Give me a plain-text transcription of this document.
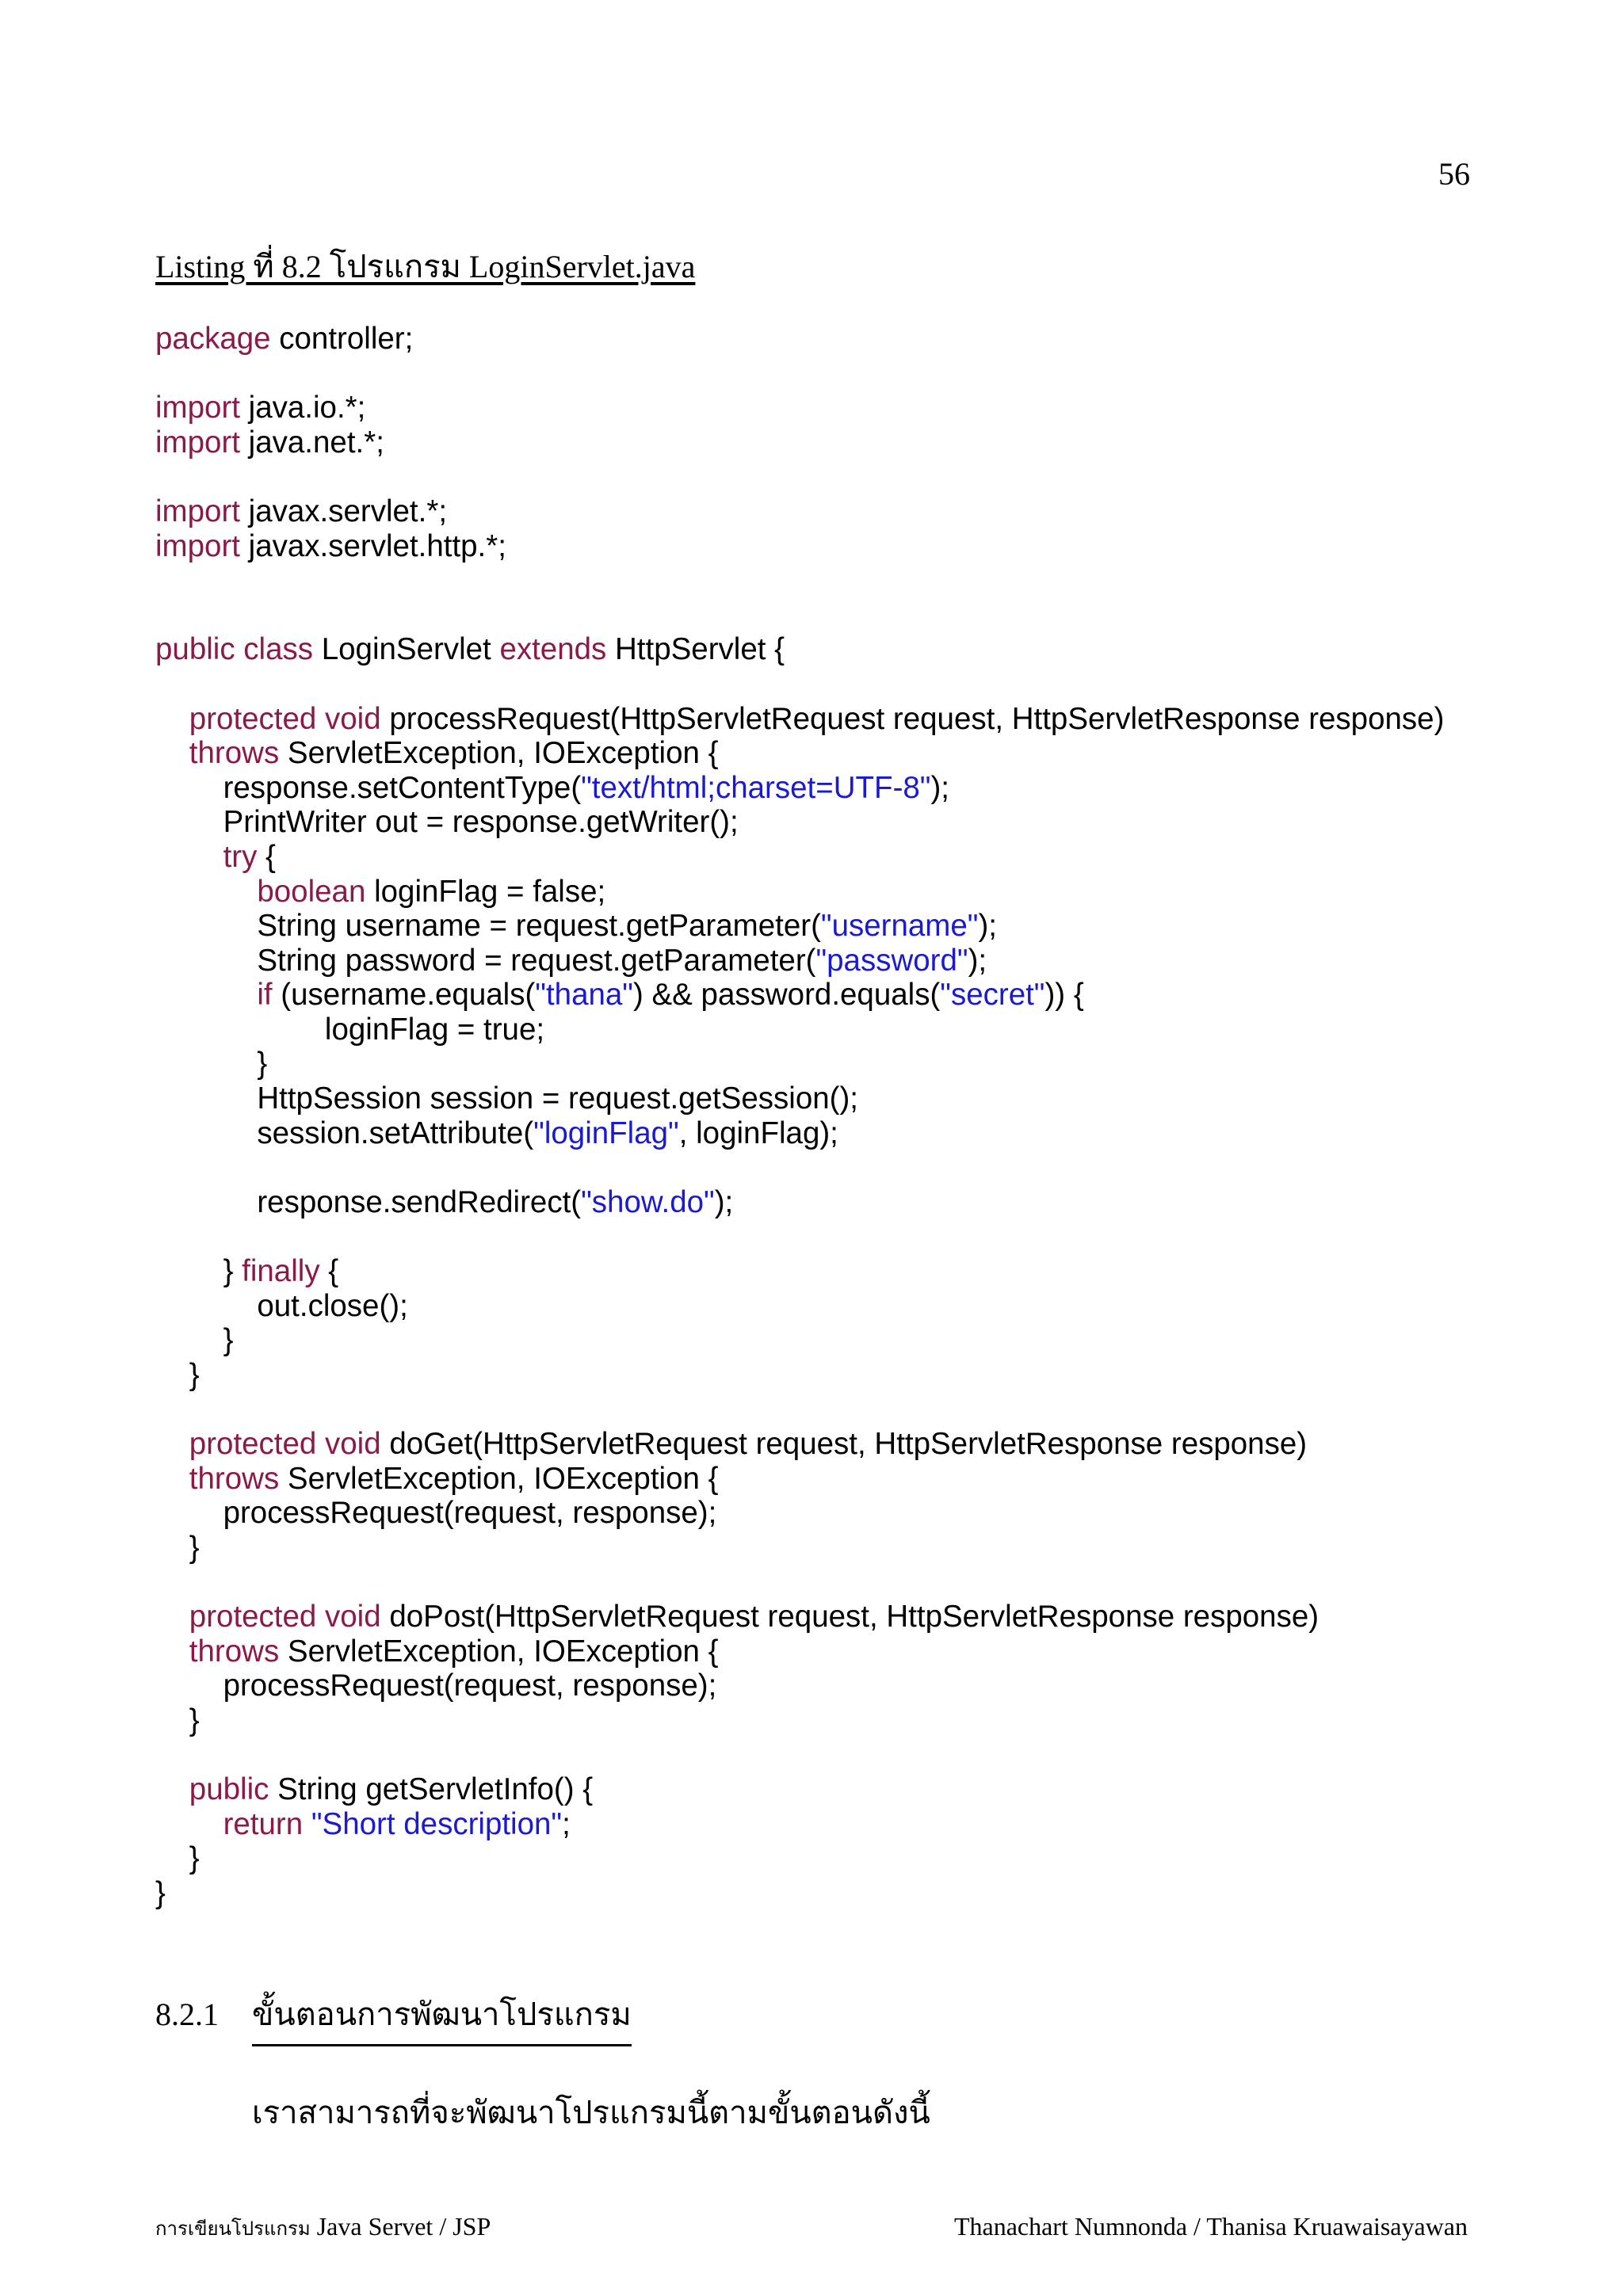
56
Listing ที่ 8.2 โปรแกรม LoginServlet.java
package controller;

import java.io.*;
import java.net.*;

import javax.servlet.*;
import javax.servlet.http.*;

public class LoginServlet extends HttpServlet {

protected void processRequest(HttpServletRequest request, HttpServletResponse response)
throws ServletException, IOException {
response.setContentType("text/html;charset=UTF-8");
PrintWriter out = response.getWriter();
try {
boolean loginFlag = false;
String username = request.getParameter("username");
String password = request.getParameter("password");
if (username.equals("thana") && password.equals("secret")) {
loginFlag = true;
}
HttpSession session = request.getSession();
session.setAttribute("loginFlag", loginFlag);

response.sendRedirect("show.do");

} finally {
out.close();
}
}

protected void doGet(HttpServletRequest request, HttpServletResponse response)
throws ServletException, IOException {
processRequest(request, response);
}

protected void doPost(HttpServletRequest request, HttpServletResponse response)
throws ServletException, IOException {
processRequest(request, response);
}

public String getServletInfo() {
return "Short description";
}
}
8.2.1 ขั้นตอนการพัฒนาโปรแกรม
เราสามารถที่จะพัฒนาโปรแกรมนี้ตามขั้นตอนดังนี้
การเขียนโปรแกรม Java Servet / JSP	Thanachart Numnonda / Thanisa Kruawaisayawan
